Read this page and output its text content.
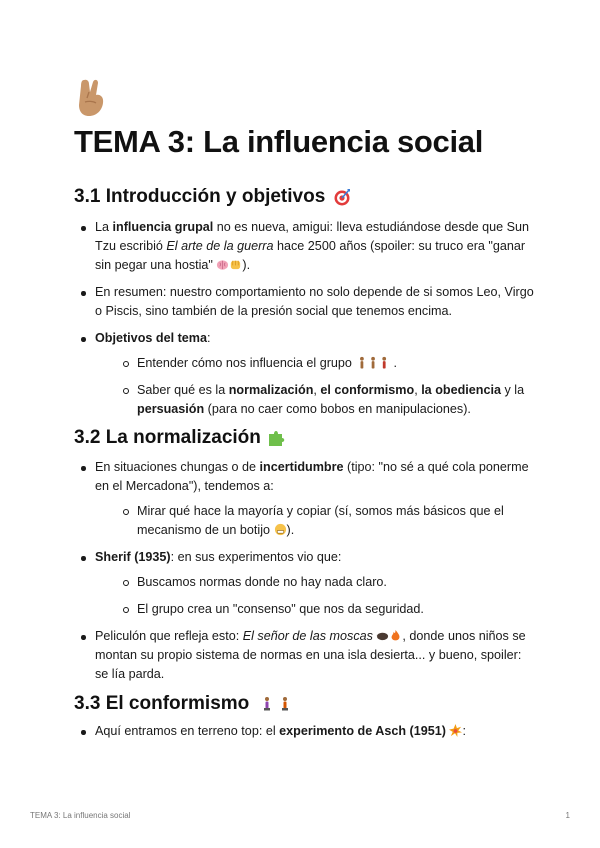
TEMA 3: La influencia social
3.1 Introducción y objetivos
La influencia grupal no es nueva, amigui: lleva estudiándose desde que Sun Tzu escribió El arte de la guerra hace 2500 años (spoiler: su truco era "ganar sin pegar una hostia" ).
En resumen: nuestro comportamiento no solo depende de si somos Leo, Virgo o Piscis, sino también de la presión social que tenemos encima.
Objetivos del tema:
Entender cómo nos influencia el grupo	.
Saber qué es la normalización, el conformismo, la obediencia y la persuasión (para no caer como bobos en manipulaciones).
3.2 La normalización
En situaciones chungas o de incertidumbre (tipo: "no sé a qué cola ponerme en el Mercadona"), tendemos a:
Mirar qué hace la mayoría y copiar (sí, somos más básicos que el mecanismo de un botijo ).
Sherif (1935): en sus experimentos vio que:
Buscamos normas donde no hay nada claro.
El grupo crea un "consenso" que nos da seguridad.
Peliculón que refleja esto: El señor de las moscas , donde unos niños se montan su propio sistema de normas en una isla desierta... y bueno, spoiler: se lía parda.
3.3 El conformismo
Aquí entramos en terreno top: el experimento de Asch (1951) :
TEMA 3: La influencia social	1
